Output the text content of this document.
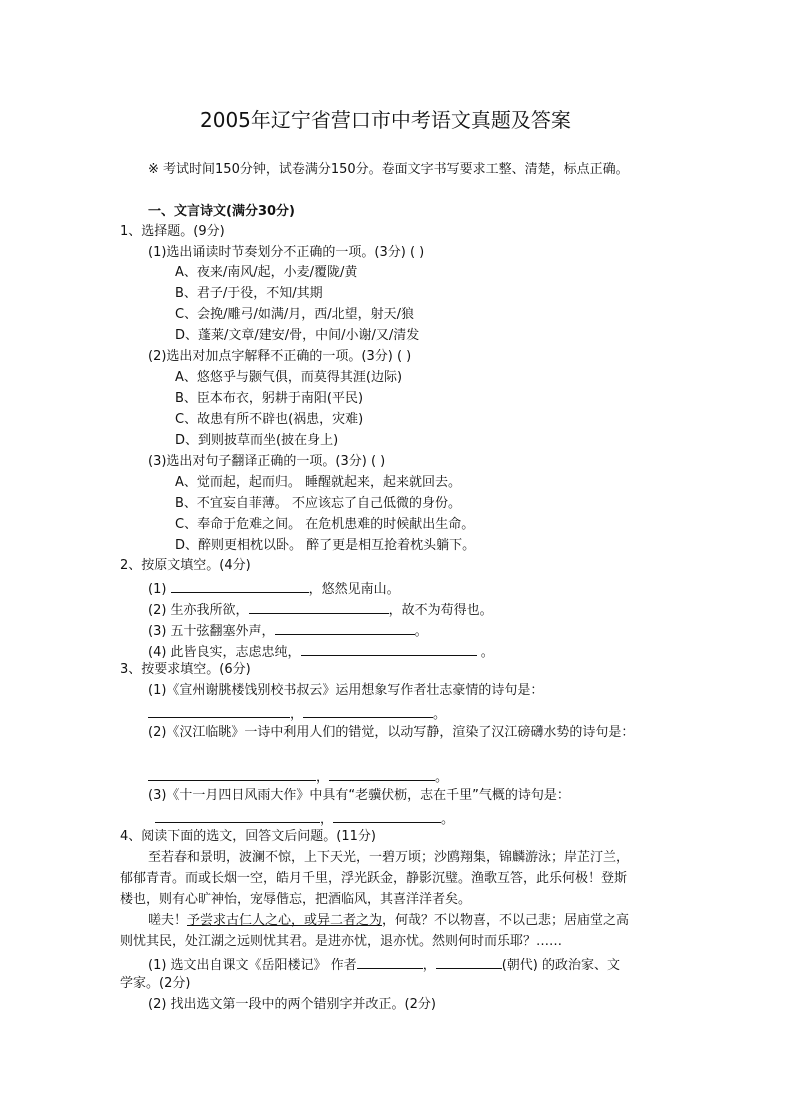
2005年辽宁省营口市中考语文真题及答案
※ 考试时间150分钟，试卷满分150分。卷面文字书写要求工整、清楚，标点正确。
一、文言诗文(满分30分)
1、选择题。(9分)
(1)选出诵读时节奏划分不正确的一项。(3分) ( )
A、夜来/南风/起，小麦/覆陇/黄
B、君子/于役，不知/其期
C、会挽/雕弓/如满/月，西/北望，射天/狼
D、蓬莱/文章/建安/骨，中间/小谢/又/清发
(2)选出对加点字解释不正确的一项。(3分) ( )
A、悠悠乎与颢气俱，而莫得其涯(边际)
B、臣本布衣，躬耕于南阳(平民)
C、故患有所不辟也(祸患，灾难)
D、到则披草而坐(披在身上)
(3)选出对句子翻译正确的一项。(3分) ( )
A、觉而起，起而归。 睡醒就起来，起来就回去。
B、不宜妄自菲薄。 不应该忘了自己低微的身份。
C、奉命于危难之间。 在危机患难的时候献出生命。
D、醉则更相枕以卧。 醉了更是相互抢着枕头躺下。
2、按原文填空。(4分)
(1)	，悠然见南山。
(2) 生亦我所欲，	，故不为苟得也。
(3) 五十弦翻塞外声，	。
(4) 此皆良实，志虑忠纯，	。
3、按要求填空。(6分)
(1)《宣州谢朓楼饯别校书叔云》运用想象写作者壮志豪情的诗句是：
，	。
(2)《汉江临眺》一诗中利用人们的错觉，以动写静，渲染了汉江磅礴水势的诗句是：
，	。
(3)《十一月四日风雨大作》中具有“老骥伏枥，志在千里”气概的诗句是：
，	。
4、阅读下面的选文，回答文后问题。(11分)
至若春和景明，波澜不惊，上下天光，一碧万顷；沙鸥翔集，锦麟游泳；岸芷汀兰，
郁郁青青。而或长烟一空，皓月千里，浮光跃金，静影沉璧。渔歌互答，此乐何极！登斯
楼也，则有心旷神怡，宠辱偕忘，把酒临风，其喜洋洋者矣。
嗟夫！予尝求古仁人之心，或异二者之为，何哉？不以物喜，不以己悲；居庙堂之高
则忧其民，处江湖之远则忧其君。是进亦忧，退亦忧。然则何时而乐耶？……
(1) 选文出自课文《岳阳楼记》 作者	，	(朝代) 的政治家、文
学家。(2分)
(2) 找出选文第一段中的两个错别字并改正。(2分)
